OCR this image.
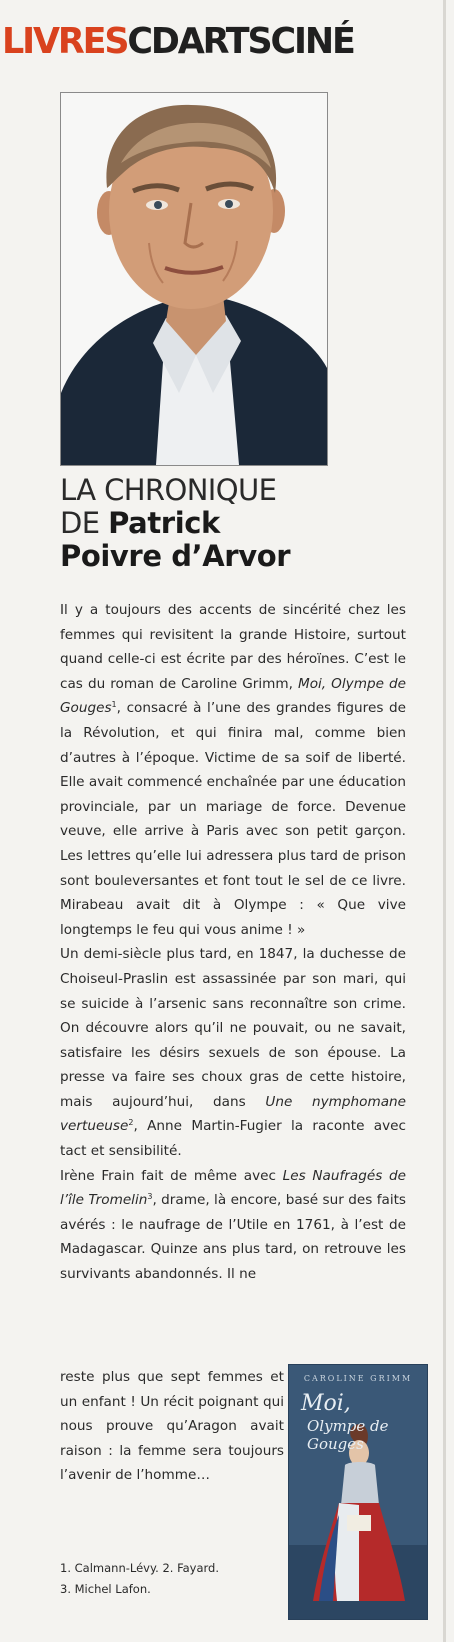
LIVRESCDARTSCINÉ
LA CHRONIQUE
DE Patrick
Poivre d’Arvor

Il y a toujours des accents de sincérité chez les femmes qui revisitent la grande Histoire, surtout quand celle-ci est écrite par des héroïnes. C’est le cas du roman de Caroline Grimm, Moi, Olympe de Gouges$^1$, consacré à l’une des grandes figures de la Révolution, et qui finira mal, comme bien d’autres à l’époque. Victime de sa soif de liberté. Elle avait commencé enchaînée par une éducation provinciale, par un mariage de force. Devenue veuve, elle arrive à Paris avec son petit garçon. Les lettres qu’elle lui adressera plus tard de prison sont bouleversantes et font tout le sel de ce livre. Mirabeau avait dit à Olympe : « Que vive longtemps le feu qui vous anime ! »

Un demi-siècle plus tard, en 1847, la duchesse de Choiseul-Praslin est assassinée par son mari, qui se suicide à l’arsenic sans reconnaître son crime. On découvre alors qu’il ne pouvait, ou ne savait, satisfaire les désirs sexuels de son épouse. La presse va faire ses choux gras de cette histoire, mais aujourd’hui, dans Une nymphomane vertueuse$^2$, Anne Martin-Fugier la raconte avec tact et sensibilité.

Irène Frain fait de même avec Les Naufragés de l’île Tromelin$^3$, drame, là encore, basé sur des faits avérés : le naufrage de l’Utile en 1761, à l’est de Madagascar. Quinze ans plus tard, on retrouve les survivants abandonnés. Il ne

reste plus que sept femmes et un enfant ! Un récit poignant qui nous prouve qu’Aragon avait raison : la femme sera toujours l’avenir de l’homme…

1. Calmann-Lévy. 2. Fayard.

3. Michel Lafon.

CAROLINE GRIMM
Moi,
Olympe de Gouges
